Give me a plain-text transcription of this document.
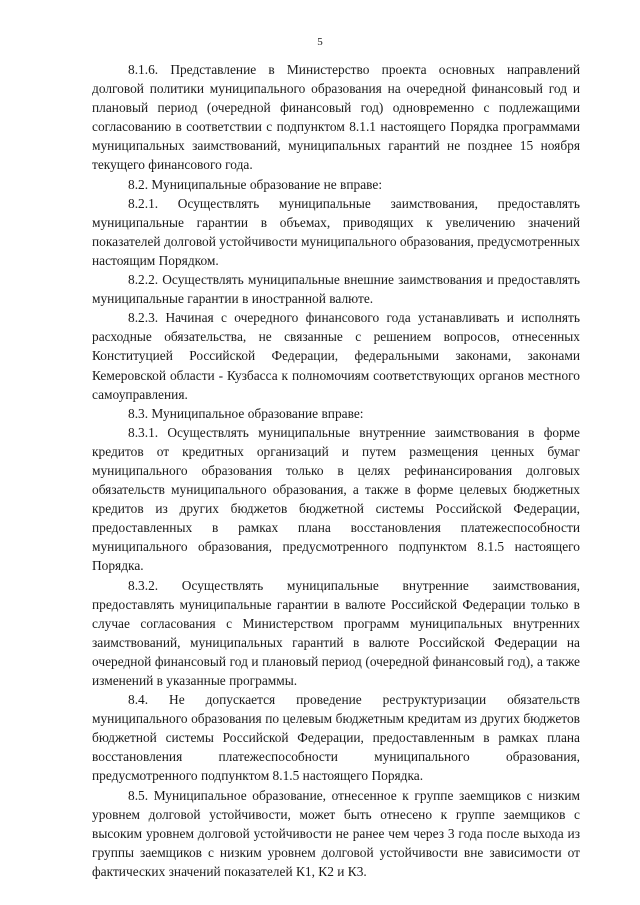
5

8.1.6. Представление в Министерство проекта основных направлений долговой политики муниципального образования на очередной финансовый год и плановый период (очередной финансовый год) одновременно с подлежащими согласованию в соответствии с подпунктом 8.1.1 настоящего Порядка программами муниципальных заимствований, муниципальных гарантий не позднее 15 ноября текущего финансового года.

8.2. Муниципальные образование не вправе:

8.2.1. Осуществлять муниципальные заимствования, предоставлять муниципальные гарантии в объемах, приводящих к увеличению значений показателей долговой устойчивости муниципального образования, предусмотренных настоящим Порядком.

8.2.2. Осуществлять муниципальные внешние заимствования и предоставлять муниципальные гарантии в иностранной валюте.

8.2.3. Начиная с очередного финансового года устанавливать и исполнять расходные обязательства, не связанные с решением вопросов, отнесенных Конституцией Российской Федерации, федеральными законами, законами Кемеровской области - Кузбасса к полномочиям соответствующих органов местного самоуправления.

8.3. Муниципальное образование вправе:

8.3.1. Осуществлять муниципальные внутренние заимствования в форме кредитов от кредитных организаций и путем размещения ценных бумаг муниципального образования только в целях рефинансирования долговых обязательств муниципального образования, а также в форме целевых бюджетных кредитов из других бюджетов бюджетной системы Российской Федерации, предоставленных в рамках плана восстановления платежеспособности муниципального образования, предусмотренного подпунктом 8.1.5 настоящего Порядка.

8.3.2. Осуществлять муниципальные внутренние заимствования, предоставлять муниципальные гарантии в валюте Российской Федерации только в случае согласования с Министерством программ муниципальных внутренних заимствований, муниципальных гарантий в валюте Российской Федерации на очередной финансовый год и плановый период (очередной финансовый год), а также изменений в указанные программы.

8.4. Не допускается проведение реструктуризации обязательств муниципального образования по целевым бюджетным кредитам из других бюджетов бюджетной системы Российской Федерации, предоставленным в рамках плана восстановления платежеспособности муниципального образования, предусмотренного подпунктом 8.1.5 настоящего Порядка.

8.5. Муниципальное образование, отнесенное к группе заемщиков с низким уровнем долговой устойчивости, может быть отнесено к группе заемщиков с высоким уровнем долговой устойчивости не ранее чем через 3 года после выхода из группы заемщиков с низким уровнем долговой устойчивости вне зависимости от фактических значений показателей К1, К2 и К3.
